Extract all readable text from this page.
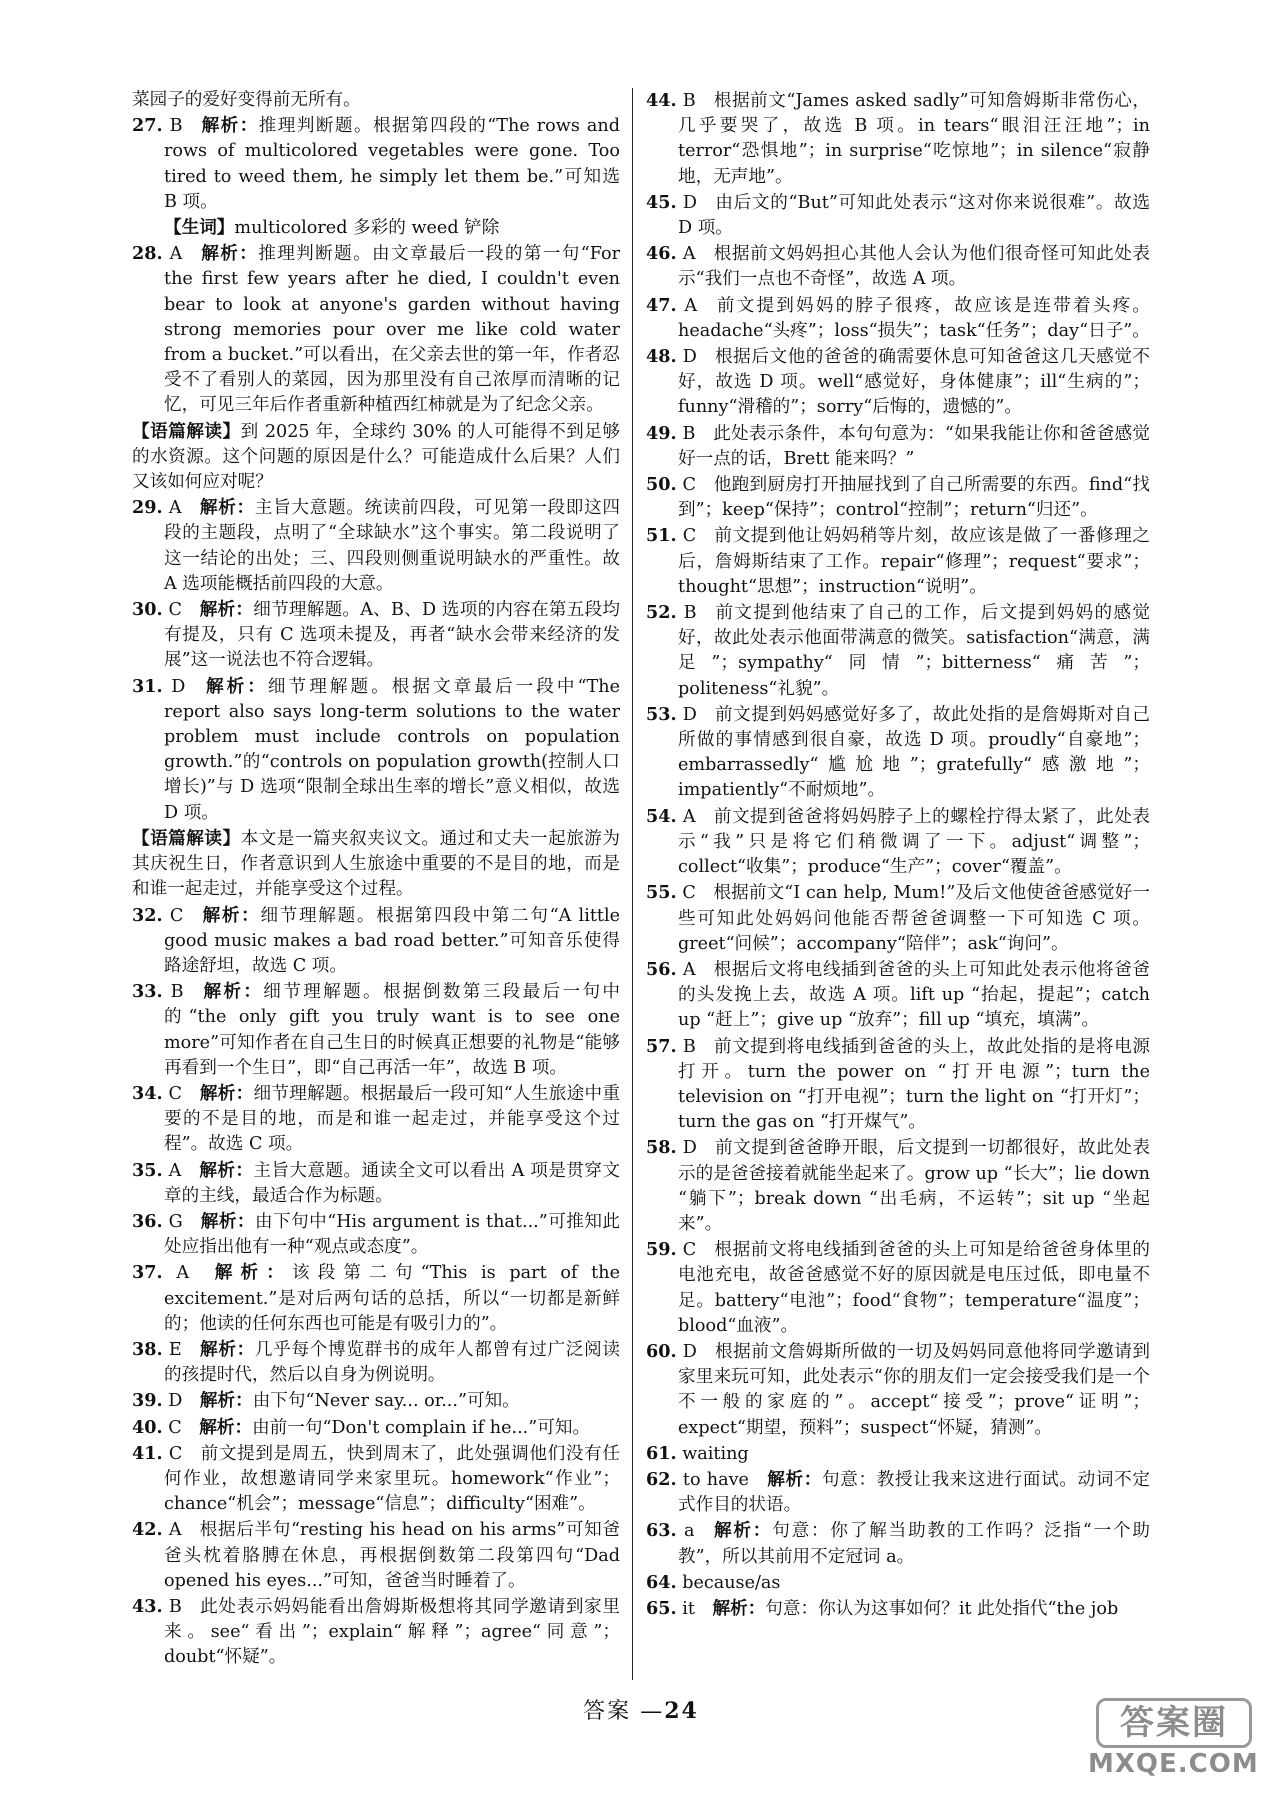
菜园子的爱好变得前无所有。

27. B  解析：推理判断题。根据第四段的“The rows and rows of multicolored vegetables were gone. Too tired to weed them, he simply let them be.”可知选 B 项。

【生词】multicolored 多彩的 weed 铲除

28. A  解析：推理判断题。由文章最后一段的第一句“For the first few years after he died, I couldn't even bear to look at anyone's garden without having strong memories pour over me like cold water from a bucket.”可以看出，在父亲去世的第一年，作者忍受不了看别人的菜园，因为那里没有自己浓厚而清晰的记忆，可见三年后作者重新种植西红柿就是为了纪念父亲。

【语篇解读】到 2025 年，全球约 30% 的人可能得不到足够的水资源。这个问题的原因是什么？可能造成什么后果？人们又该如何应对呢？

29. A  解析：主旨大意题。统读前四段，可见第一段即这四段的主题段，点明了“全球缺水”这个事实。第二段说明了这一结论的出处；三、四段则侧重说明缺水的严重性。故 A 选项能概括前四段的大意。

30. C  解析：细节理解题。A、B、D 选项的内容在第五段均有提及，只有 C 选项未提及，再者“缺水会带来经济的发展”这一说法也不符合逻辑。

31. D  解析：细节理解题。根据文章最后一段中“The report also says long-term solutions to the water problem must include controls on population growth.”的“controls on population growth(控制人口增长)”与 D 选项“限制全球出生率的增长”意义相似，故选 D 项。

【语篇解读】本文是一篇夹叙夹议文。通过和丈夫一起旅游为其庆祝生日，作者意识到人生旅途中重要的不是目的地，而是和谁一起走过，并能享受这个过程。

32. C  解析：细节理解题。根据第四段中第二句“A little good music makes a bad road better.”可知音乐使得路途舒坦，故选 C 项。

33. B  解析：细节理解题。根据倒数第三段最后一句中的“the only gift you truly want is to see one more”可知作者在自己生日的时候真正想要的礼物是“能够再看到一个生日”，即“自己再活一年”，故选 B 项。

34. C  解析：细节理解题。根据最后一段可知“人生旅途中重要的不是目的地，而是和谁一起走过，并能享受这个过程”。故选 C 项。

35. A  解析：主旨大意题。通读全文可以看出 A 项是贯穿文章的主线，最适合作为标题。

36. G  解析：由下句中“His argument is that...”可推知此处应指出他有一种“观点或态度”。

37. A  解析：该段第二句“This is part of the excitement.”是对后两句话的总括，所以“一切都是新鲜的；他读的任何东西也可能是有吸引力的”。

38. E  解析：几乎每个博览群书的成年人都曾有过广泛阅读的孩提时代，然后以自身为例说明。

39. D  解析：由下句“Never say... or...”可知。

40. C  解析：由前一句“Don't complain if he...”可知。

41. C  前文提到是周五，快到周末了，此处强调他们没有任何作业，故想邀请同学来家里玩。homework“作业”；chance“机会”；message“信息”；difficulty“困难”。

42. A  根据后半句“resting his head on his arms”可知爸爸头枕着胳膊在休息，再根据倒数第二段第四句“Dad opened his eyes...”可知，爸爸当时睡着了。

43. B  此处表示妈妈能看出詹姆斯极想将其同学邀请到家里来。see“看出”；explain“解释”；agree“同意”；doubt“怀疑”。

44. B  根据前文“James asked sadly”可知詹姆斯非常伤心，几乎要哭了，故选 B 项。in tears“眼泪汪汪地”；in terror“恐惧地”；in surprise“吃惊地”；in silence“寂静地，无声地”。

45. D  由后文的“But”可知此处表示“这对你来说很难”。故选 D 项。

46. A  根据前文妈妈担心其他人会认为他们很奇怪可知此处表示“我们一点也不奇怪”，故选 A 项。

47. A  前文提到妈妈的脖子很疼，故应该是连带着头疼。headache“头疼”；loss“损失”；task“任务”；day“日子”。

48. D  根据后文他的爸爸的确需要休息可知爸爸这几天感觉不好，故选 D 项。well“感觉好，身体健康”；ill“生病的”；funny“滑稽的”；sorry“后悔的，遗憾的”。

49. B  此处表示条件，本句句意为：“如果我能让你和爸爸感觉好一点的话，Brett 能来吗？”

50. C  他跑到厨房打开抽屉找到了自己所需要的东西。find“找到”；keep“保持”；control“控制”；return“归还”。

51. C  前文提到他让妈妈稍等片刻，故应该是做了一番修理之后，詹姆斯结束了工作。repair“修理”；request“要求”；thought“思想”；instruction“说明”。

52. B  前文提到他结束了自己的工作，后文提到妈妈的感觉好，故此处表示他面带满意的微笑。satisfaction“满意，满足”；sympathy“同情”；bitterness“痛苦”；politeness“礼貌”。

53. D  前文提到妈妈感觉好多了，故此处指的是詹姆斯对自己所做的事情感到很自豪，故选 D 项。proudly“自豪地”；embarrassedly“尴尬地”；gratefully“感激地”；impatiently“不耐烦地”。

54. A  前文提到爸爸将妈妈脖子上的螺栓拧得太紧了，此处表示“我”只是将它们稍微调了一下。adjust“调整”；collect“收集”；produce“生产”；cover“覆盖”。

55. C  根据前文“I can help, Mum!”及后文他使爸爸感觉好一些可知此处妈妈问他能否帮爸爸调整一下可知选 C 项。greet“问候”；accompany“陪伴”；ask“询问”。

56. A  根据后文将电线插到爸爸的头上可知此处表示他将爸爸的头发挽上去，故选 A 项。lift up “抬起，提起”；catch up “赶上”；give up “放弃”；fill up “填充，填满”。

57. B  前文提到将电线插到爸爸的头上，故此处指的是将电源打开。turn the power on “打开电源”；turn the television on “打开电视”；turn the light on “打开灯”；turn the gas on “打开煤气”。

58. D  前文提到爸爸睁开眼，后文提到一切都很好，故此处表示的是爸爸接着就能坐起来了。grow up “长大”；lie down “躺下”；break down “出毛病，不运转”；sit up “坐起来”。

59. C  根据前文将电线插到爸爸的头上可知是给爸爸身体里的电池充电，故爸爸感觉不好的原因就是电压过低，即电量不足。battery“电池”；food“食物”；temperature“温度”；blood“血液”。

60. D  根据前文詹姆斯所做的一切及妈妈同意他将同学邀请到家里来玩可知，此处表示“你的朋友们一定会接受我们是一个不一般的家庭的”。accept“接受”；prove“证明”；expect“期望，预料”；suspect“怀疑，猜测”。

61. waiting 

62. to have  解析：句意：教授让我来这进行面试。动词不定式作目的状语。

63. a  解析：句意：你了解当助教的工作吗？泛指“一个助教”，所以其前用不定冠词 a。

64. because/as 

65. it  解析：句意：你认为这事如何？it 此处指代“the job

答案 —24	答案圈
MXQE.COM
